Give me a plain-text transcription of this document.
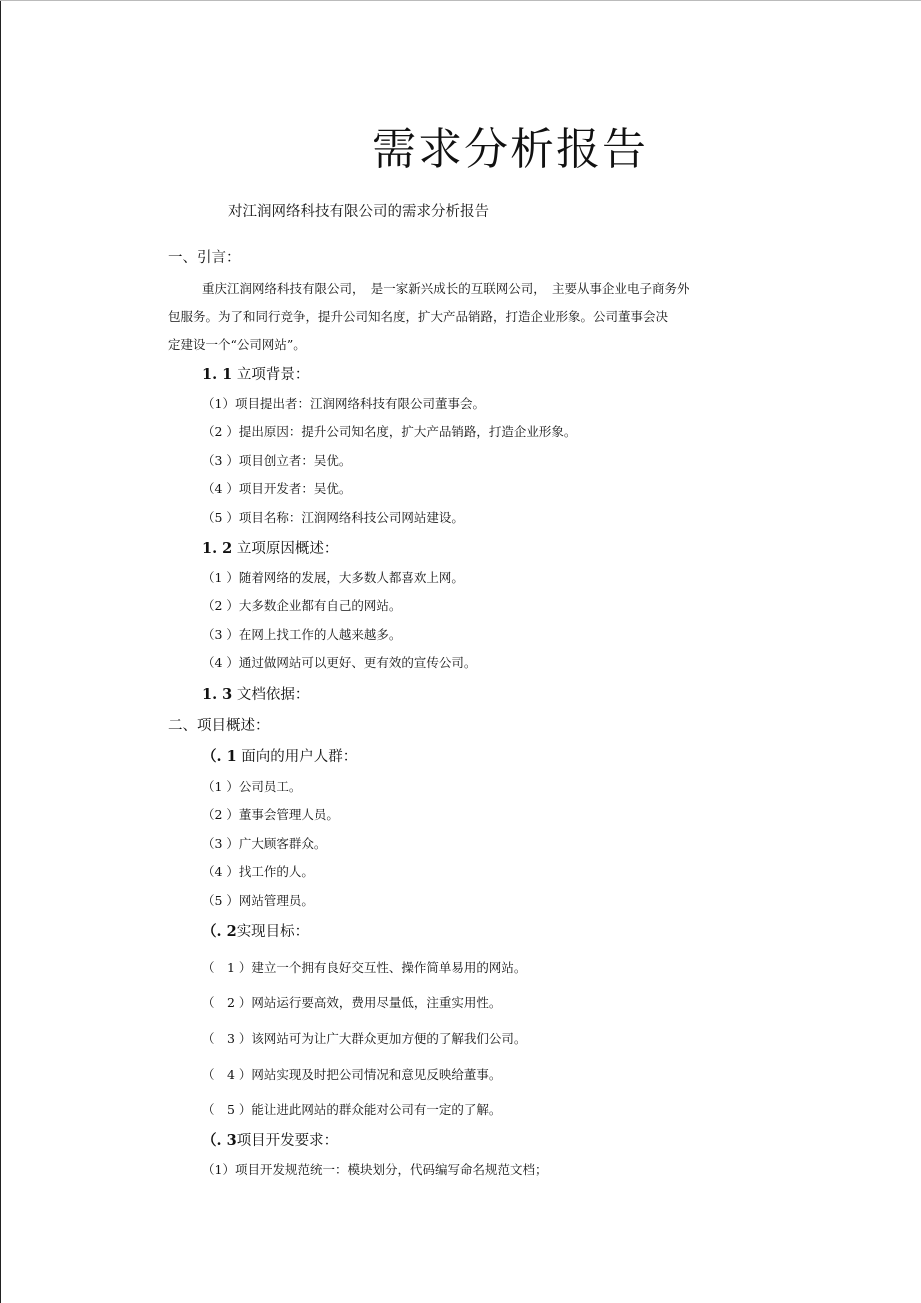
需求分析报告
对江润网络科技有限公司的需求分析报告
一、引言：
重庆江润网络科技有限公司，　是一家新兴成长的互联网公司，　主要从事企业电子商务外
包服务。为了和同行竞争，提升公司知名度，扩大产品销路，打造企业形象。公司董事会决
定建设一个“公司网站”。
1. 1 立项背景：
（1）项目提出者：江润网络科技有限公司董事会。
（2 ）提出原因：提升公司知名度，扩大产品销路，打造企业形象。
（3 ）项目创立者：吴优。
（4 ）项目开发者：吴优。
（5 ）项目名称：江润网络科技公司网站建设。
1. 2 立项原因概述：
（1 ）随着网络的发展，大多数人都喜欢上网。
（2 ）大多数企业都有自己的网站。
（3 ）在网上找工作的人越来越多。
（4 ）通过做网站可以更好、更有效的宣传公司。
1. 3 文档依据：
二、项目概述：
（. 1 面向的用户人群：
（1 ）公司员工。
（2 ）董事会管理人员。
（3 ）广大顾客群众。
（4 ）找工作的人。
（5 ）网站管理员。
（. 2实现目标：
（　1 ）建立一个拥有良好交互性、操作简单易用的网站。
（　2 ）网站运行要高效，费用尽量低，注重实用性。
（　3 ）该网站可为让广大群众更加方便的了解我们公司。
（　4 ）网站实现及时把公司情况和意见反映给董事。
（　5 ）能让进此网站的群众能对公司有一定的了解。
（. 3项目开发要求：
（1）项目开发规范统一：模块划分，代码编写命名规范文档；
